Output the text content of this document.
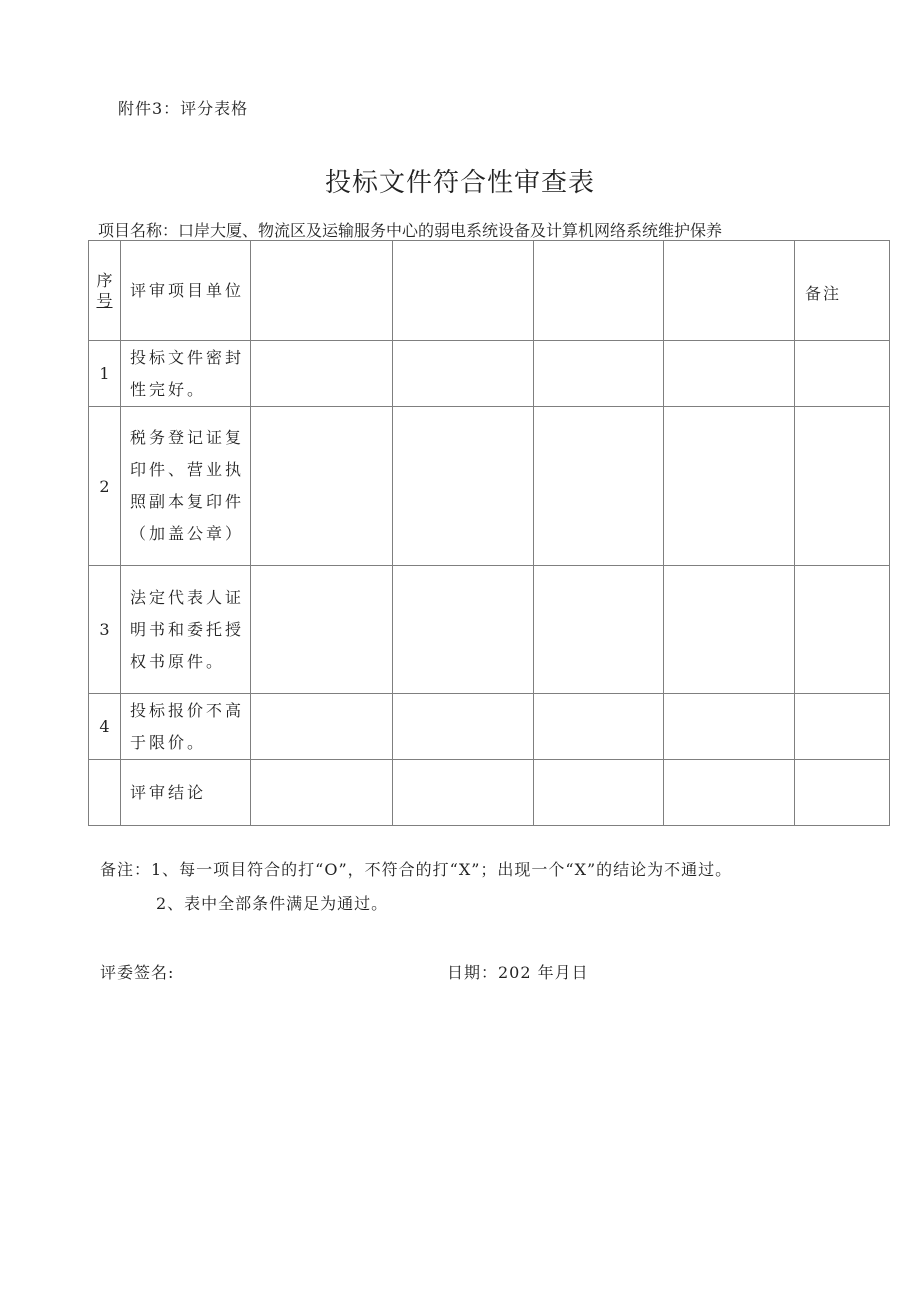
附件3：评分表格
投标文件符合性审查表
项目名称：口岸大厦、物流区及运输服务中心的弱电系统设备及计算机网络系统维护保养
序
号	评审项目单位					备注
1	投标文件密封性完好。					
2	税务登记证复印件、营业执照副本复印件（加盖公章）					
3	法定代表人证明书和委托授权书原件。					
4	投标报价不高于限价。					
	评审结论					
备注：1、每一项目符合的打“O”，不符合的打“X”；出现一个“X”的结论为不通过。
2、表中全部条件满足为通过。
评委签名:	日期：202 年月日
